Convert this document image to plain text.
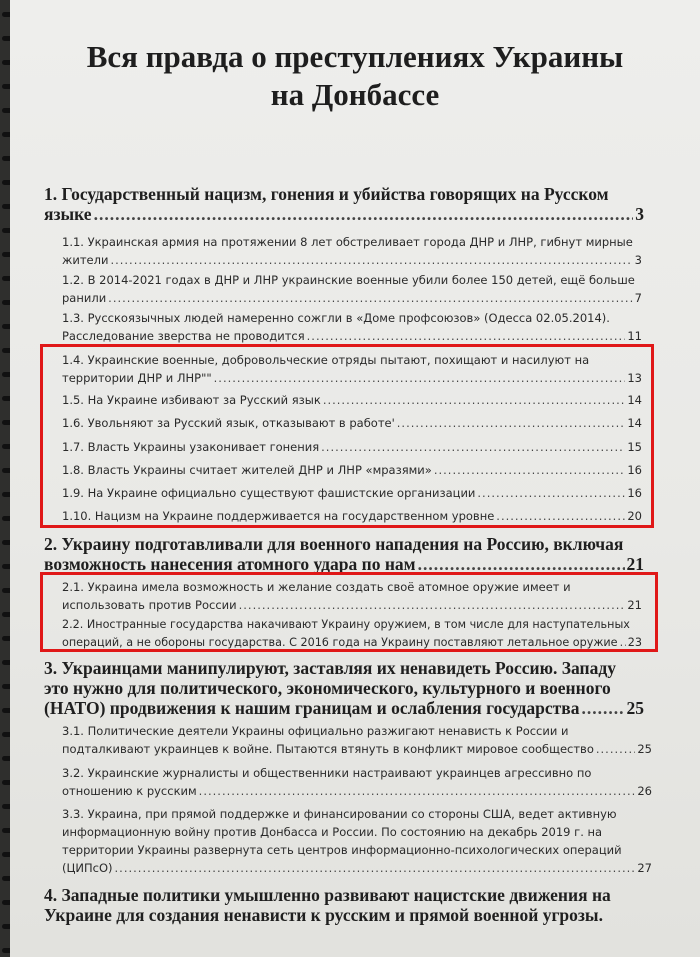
Вся правда о преступлениях Украины
на Донбассе
1. Государственный нацизм, гонения и убийства говорящих на Русском
языке .....	3
1.1. Украинская армия на протяжении 8 лет обстреливает города ДНР и ЛНР, гибнут мирные
жители .....	3
1.2. В 2014-2021 годах в ДНР и ЛНР украинские военные убили более 150 детей, ещё больше
ранили .....	7
1.3. Русскоязычных людей намеренно сожгли в «Доме профсоюзов» (Одесса 02.05.2014).
Расследование зверства не проводится .....	11
1.4. Украинские военные, добровольческие отряды пытают, похищают и насилуют на
территории ДНР и ЛНР"" .....	13
1.5. На Украине избивают за Русский язык .....	14
1.6. Увольняют за Русский язык, отказывают в работе' .....	14
1.7. Власть Украины узаконивает гонения .....	15
1.8. Власть Украины считает жителей ДНР и ЛНР «мразями» .....	16
1.9. На Украине официально существуют фашистские организации .....	16
1.10. Нацизм на Украине поддерживается на государственном уровне .....	20
2. Украину подготавливали для военного нападения на Россию, включая
возможность нанесения атомного удара по нам .....	21
2.1. Украина имела возможность и желание создать своё атомное оружие имеет и
использовать против России .....	21
2.2. Иностранные государства накачивают Украину оружием, в том числе для наступательных
операций, а не обороны государства. С 2016 года на Украину поставляют летальное оружие ..... 23
3. Украинцами манипулируют, заставляя их ненавидеть Россию. Западу
это нужно для политического, экономического, культурного и военного
(НАТО) продвижения к нашим границам и ослабления государства .....	25
3.1. Политические деятели Украины официально разжигают ненависть к России и
подталкивают украинцев к войне. Пытаются втянуть в конфликт мировое сообщество .....	25
3.2. Украинские журналисты и общественники настраивают украинцев агрессивно по
отношению к русским .....	26
3.3. Украина, при прямой поддержке и финансировании со стороны США, ведет активную
информационную войну против Донбасса и России. По состоянию на декабрь 2019 г. на
территории Украины развернута сеть центров информационно-психологических операций
(ЦИПсО) .....	27
4. Западные политики умышленно развивают нацистские движения на
Украине для создания ненависти к русским и прямой военной угрозы.
